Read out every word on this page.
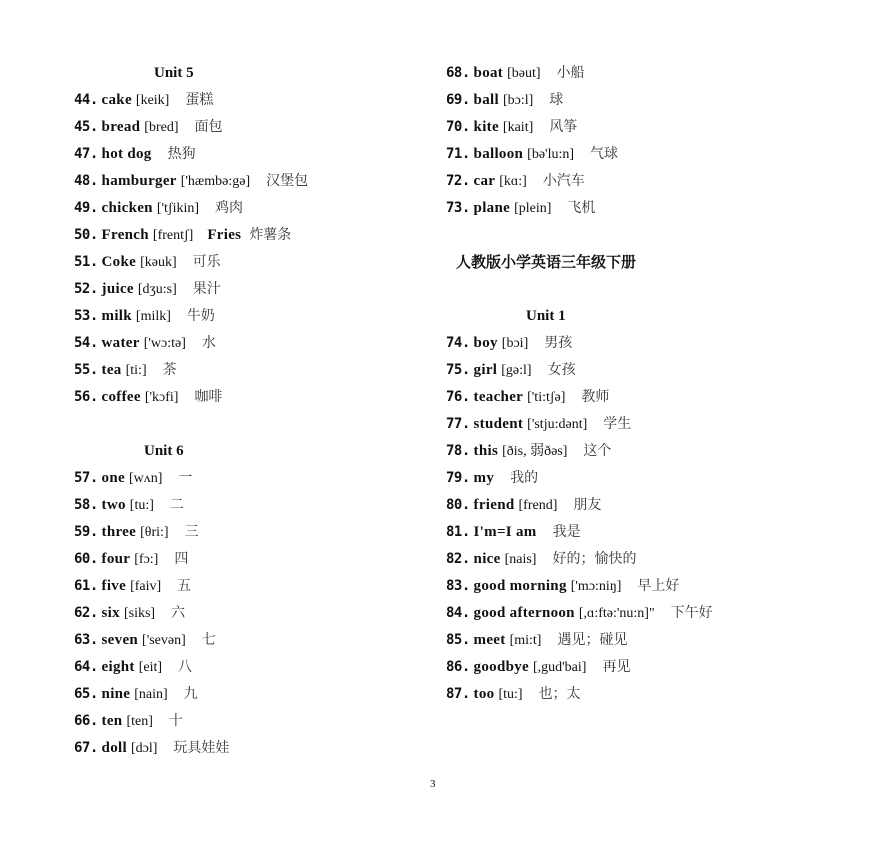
Unit 5
44. cake [keik] 蛋糕
45. bread [bred] 面包
47. hot dog 热狗
48. hamburger ['hæmbə:gə] 汉堡包
49. chicken ['tʃikin] 鸡肉
50. French [frentʃ] Fries 炸薯条
51. Coke [kəuk] 可乐
52. juice [dʒu:s] 果汁
53. milk [milk] 牛奶
54. water ['wɔ:tə] 水
55. tea [ti:] 茶
56. coffee ['kɔfi] 咖啡
Unit 6
57. one [wʌn] 一
58. two [tu:] 二
59. three [θri:] 三
60. four [fɔ:] 四
61. five [faiv] 五
62. six [siks] 六
63. seven ['sevən] 七
64. eight [eit] 八
65. nine [nain] 九
66. ten [ten] 十
67. doll [dɔl] 玩具娃娃
68. boat [bəut] 小船
69. ball [bɔ:l] 球
70. kite [kait] 风筝
71. balloon [bə'lu:n] 气球
72. car [kɑ:] 小汽车
73. plane [plein] 飞机
人教版小学英语三年级下册
Unit 1
74. boy [bɔi] 男孩
75. girl [gə:l] 女孩
76. teacher ['ti:tʃə] 教师
77. student ['stju:dənt] 学生
78. this [ðis, 弱ðəs] 这个
79. my 我的
80. friend [frend] 朋友
81. I'm=I am 我是
82. nice [nais] 好的；愉快的
83. good morning ['mɔ:niŋ] 早上好
84. good afternoon [,ɑ:ftə:'nu:n]" 下午好
85. meet [mi:t] 遇见；碰见
86. goodbye [,gud'bai] 再见
87. too [tu:] 也；太
3
